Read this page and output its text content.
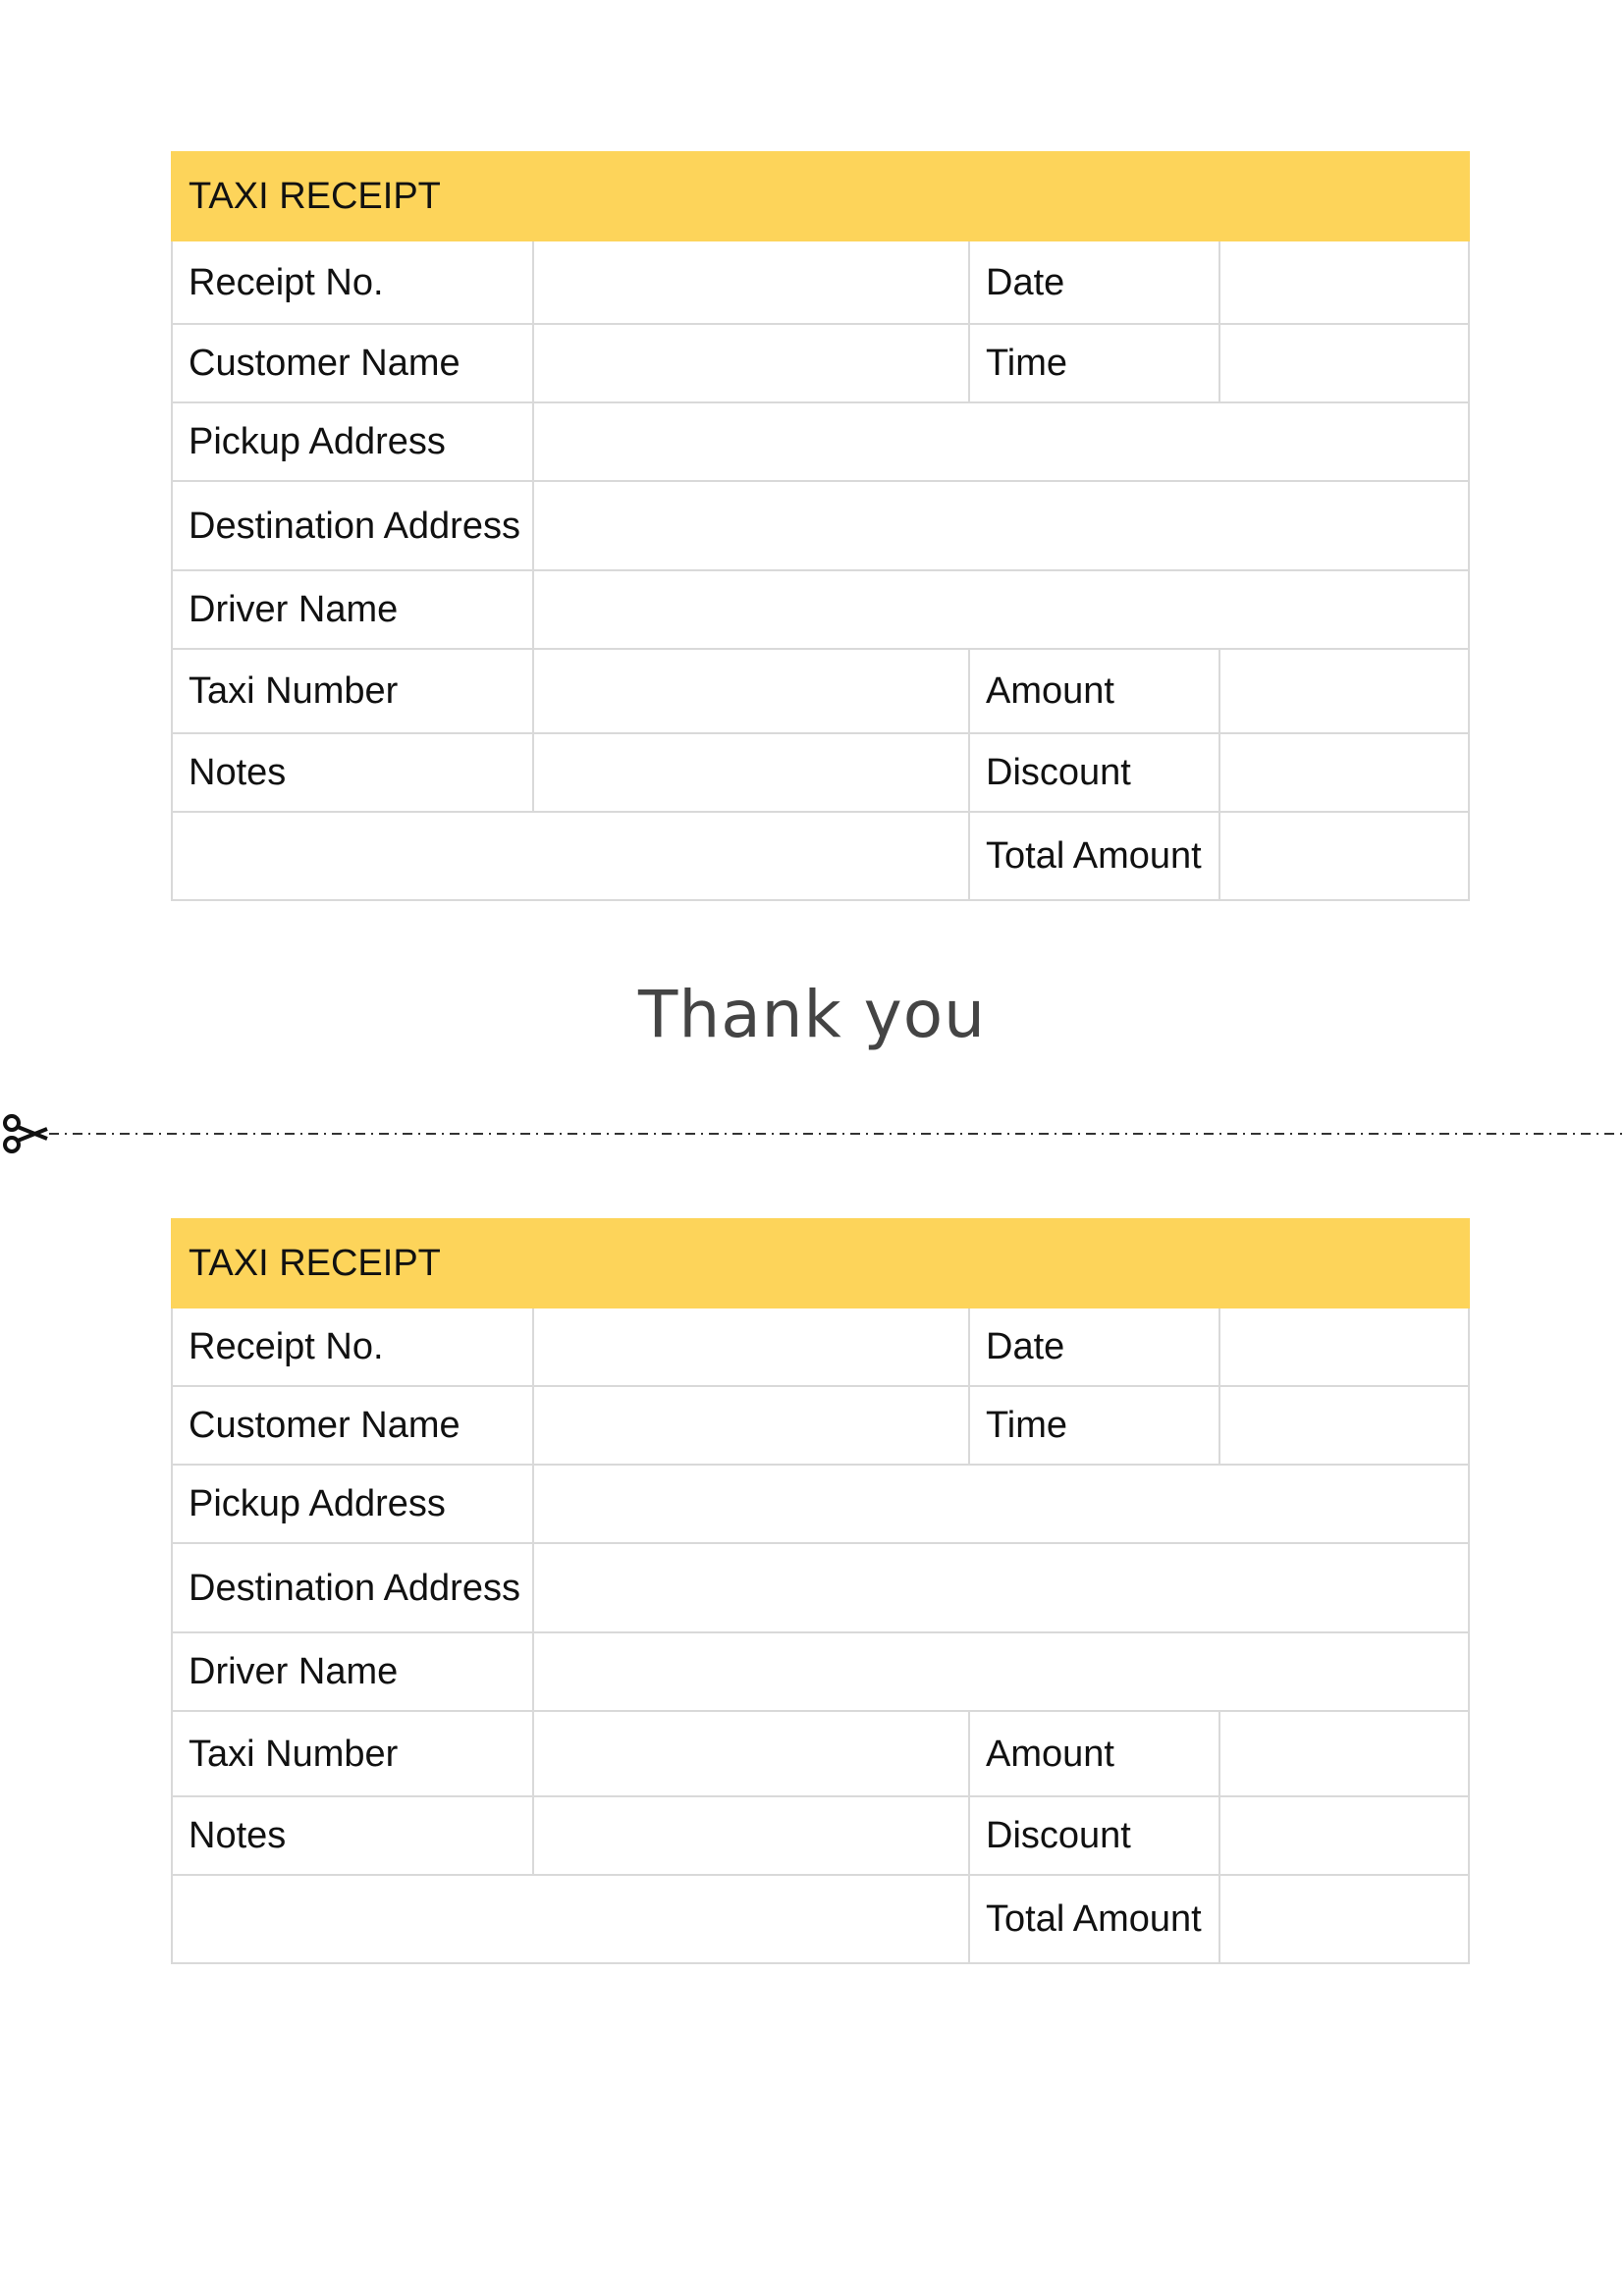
TAXI RECEIPT			
Receipt No.		Date	
Customer Name		Time	
Pickup Address			
Destination Address			
Driver Name			
Taxi Number		Amount	
Notes		Discount	
		Total Amount	
Thank you
TAXI RECEIPT			
Receipt No.		Date	
Customer Name		Time	
Pickup Address			
Destination Address			
Driver Name			
Taxi Number		Amount	
Notes		Discount	
		Total Amount	
